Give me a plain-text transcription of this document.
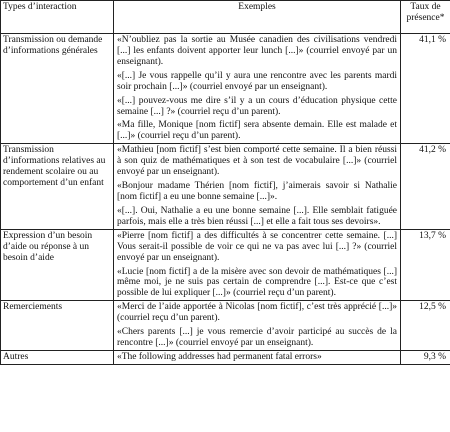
Types d’interaction	Exemples	Taux de présence*
Transmission ou demande d’informations générales	«N’oubliez pas la sortie au Musée canadien des civilisations vendredi [...] les enfants doivent apporter leur lunch [...]» (courriel envoyé par un enseignant).
«[...] Je vous rappelle qu’il y aura une rencontre avec les parents mardi soir prochain [...]» (courriel envoyé par un enseignant).
«[...] pouvez-vous me dire s’il y a un cours d’éducation physique cette semaine [...] ?» (courriel reçu d’un parent).
«Ma fille, Monique [nom fictif] sera absente demain. Elle est malade et [...]» (courriel reçu d’un parent).	41,1 %
Transmission d’informations relatives au rendement scolaire ou au comportement d’un enfant	«Mathieu [nom fictif] s’est bien comporté cette semaine. Il a bien réussi à son quiz de mathématiques et à son test de vocabulaire [...]» (courriel envoyé par un enseignant).
«Bonjour madame Thérien [nom fictif], j’aimerais savoir si Nathalie [nom fictif] a eu une bonne semaine [...]».
«[...]. Oui, Nathalie a eu une bonne semaine [...]. Elle semblait fatiguée parfois, mais elle a très bien réussi [...] et elle a fait tous ses devoirs».	41,2 %
Expression d’un besoin d’aide ou réponse à un besoin d’aide	«Pierre [nom fictif] a des difficultés à se concentrer cette semaine. [...] Vous serait-il possible de voir ce qui ne va pas avec lui [...] ?» (courriel envoyé par un enseignant).
«Lucie [nom fictif] a de la misère avec son devoir de mathématiques [...] même moi, je ne suis pas certain de comprendre [...]. Est-ce que c’est possible de lui expliquer [...]» (courriel reçu d’un parent).	13,7 %
Remerciements	«Merci de l’aide apportée à Nicolas [nom fictif], c’est très apprécié [...]» (courriel reçu d’un parent).
«Chers parents [...] je vous remercie d’avoir participé au succès de la rencontre [...]» (courriel envoyé par un enseignant).	12,5 %
Autres	«The following addresses had permanent fatal errors»	9,3 %
